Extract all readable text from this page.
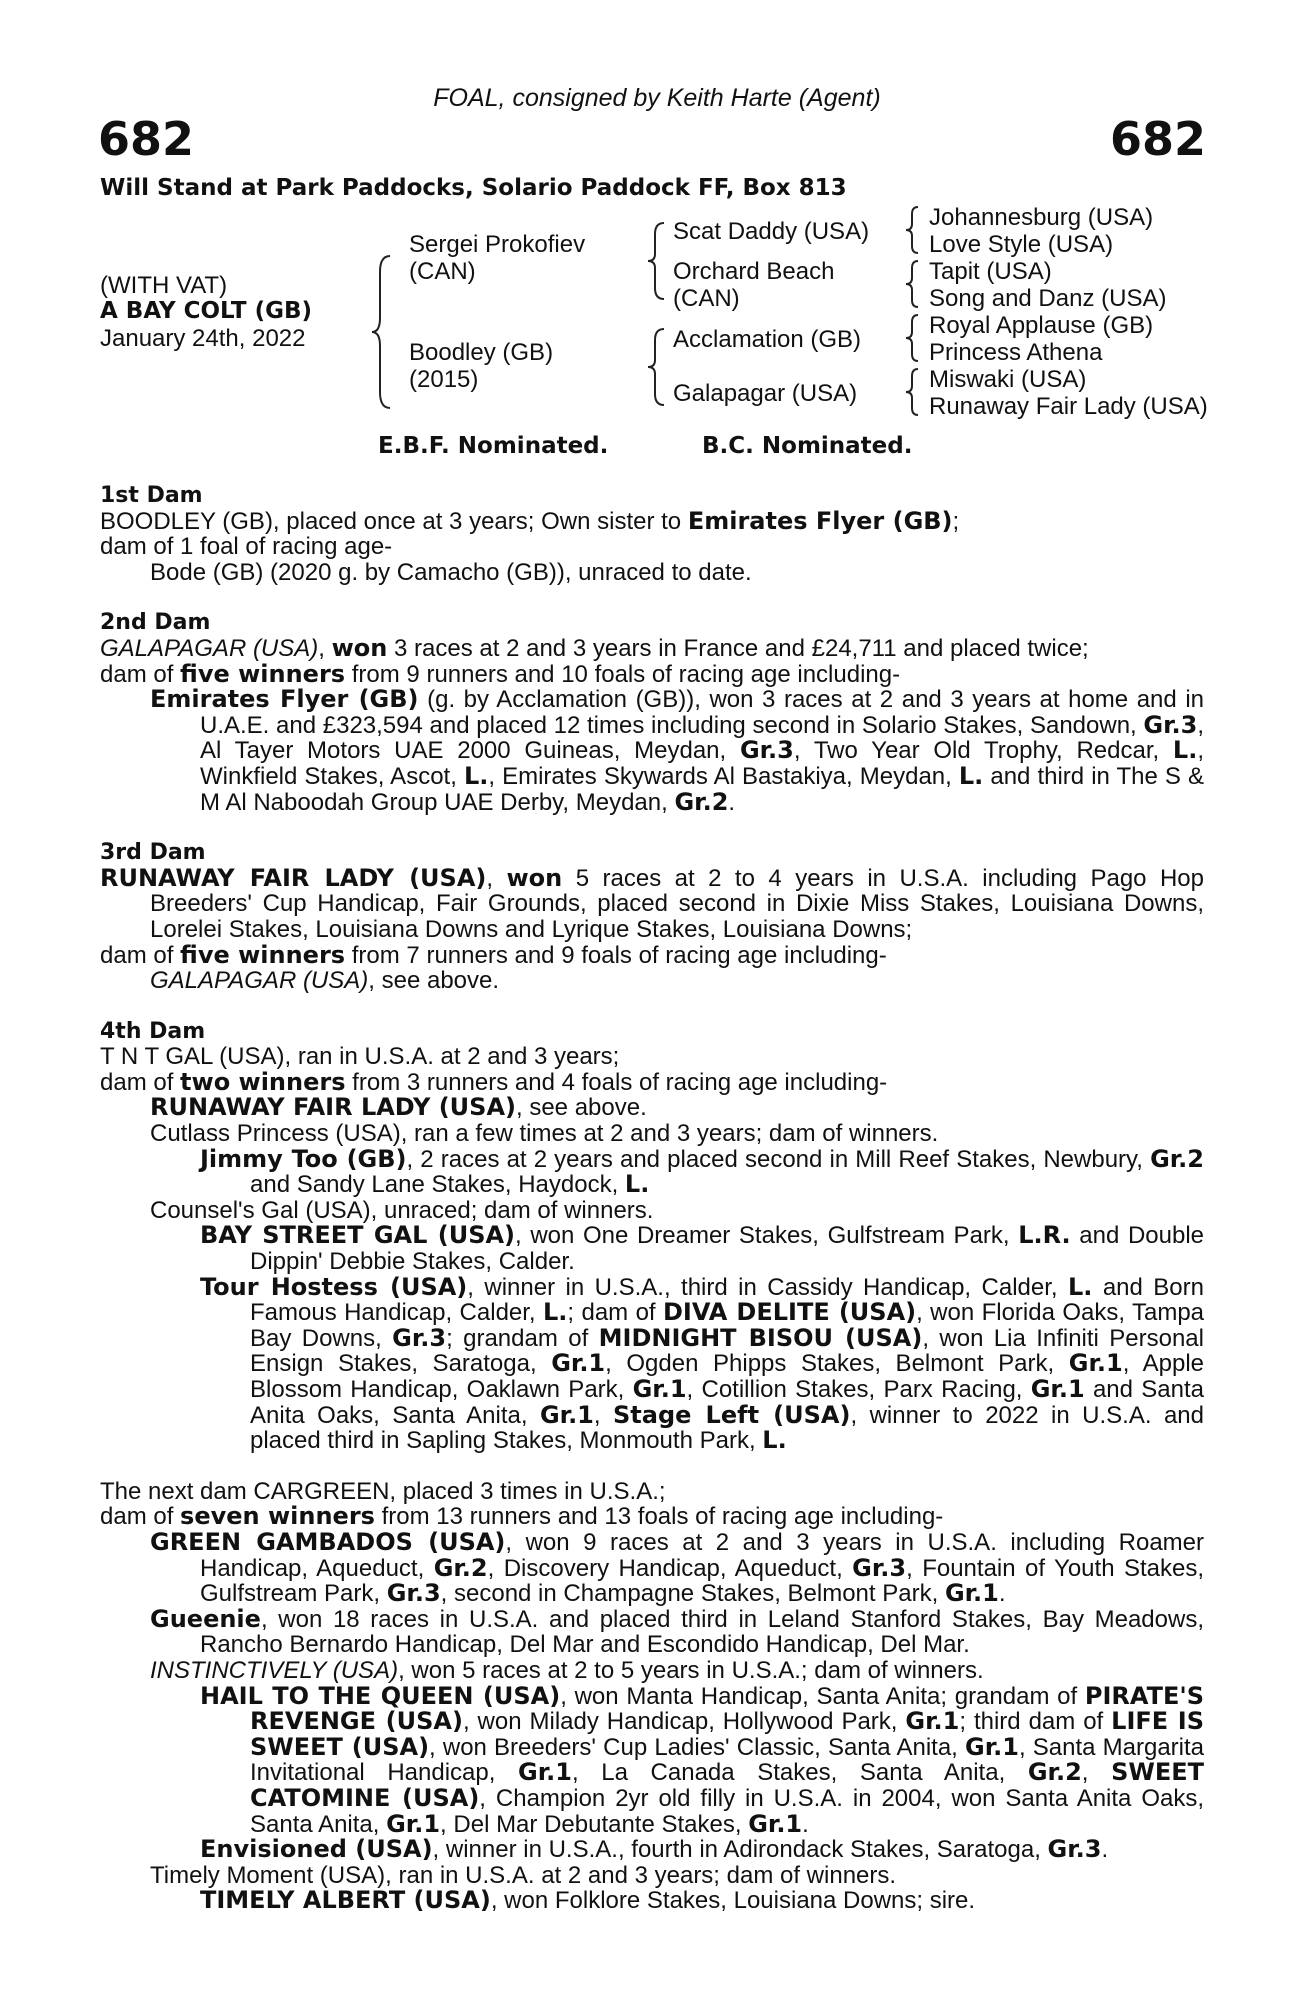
FOAL, consigned by Keith Harte (Agent)
682	682
Will Stand at Park Paddocks, Solario Paddock FF, Box 813
(WITH VAT)
A BAY COLT (GB)
January 24th, 2022
Sergei Prokofiev
(CAN)
Boodley (GB)
(2015)
Scat Daddy (USA)
Orchard Beach
(CAN)
Acclamation (GB)
Galapagar (USA)
Johannesburg (USA)
Love Style (USA)
Tapit (USA)
Song and Danz (USA)
Royal Applause (GB)
Princess Athena
Miswaki (USA)
Runaway Fair Lady (USA)
E.B.F. Nominated.	B.C. Nominated.

1st Dam

BOODLEY (GB), placed once at 3 years; Own sister to Emirates Flyer (GB);

dam of 1 foal of racing age-

Bode (GB) (2020 g. by Camacho (GB)), unraced to date.

2nd Dam

GALAPAGAR (USA), won 3 races at 2 and 3 years in France and £24,711 and placed twice;

dam of five winners from 9 runners and 10 foals of racing age including-

Emirates Flyer (GB) (g. by Acclamation (GB)), won 3 races at 2 and 3 years at home and in U.A.E. and £323,594 and placed 12 times including second in Solario Stakes, Sandown, Gr.3, Al Tayer Motors UAE 2000 Guineas, Meydan, Gr.3, Two Year Old Trophy, Redcar, L., Winkfield Stakes, Ascot, L., Emirates Skywards Al Bastakiya, Meydan, L. and third in The S & M Al Naboodah Group UAE Derby, Meydan, Gr.2.

3rd Dam

RUNAWAY FAIR LADY (USA), won 5 races at 2 to 4 years in U.S.A. including Pago Hop Breeders' Cup Handicap, Fair Grounds, placed second in Dixie Miss Stakes, Louisiana Downs, Lorelei Stakes, Louisiana Downs and Lyrique Stakes, Louisiana Downs;

dam of five winners from 7 runners and 9 foals of racing age including-

GALAPAGAR (USA), see above.

4th Dam

T N T GAL (USA), ran in U.S.A. at 2 and 3 years;

dam of two winners from 3 runners and 4 foals of racing age including-

RUNAWAY FAIR LADY (USA), see above.

Cutlass Princess (USA), ran a few times at 2 and 3 years; dam of winners.

Jimmy Too (GB), 2 races at 2 years and placed second in Mill Reef Stakes, Newbury, Gr.2 and Sandy Lane Stakes, Haydock, L.

Counsel's Gal (USA), unraced; dam of winners.

BAY STREET GAL (USA), won One Dreamer Stakes, Gulfstream Park, L.R. and Double Dippin' Debbie Stakes, Calder.

Tour Hostess (USA), winner in U.S.A., third in Cassidy Handicap, Calder, L. and Born Famous Handicap, Calder, L.; dam of DIVA DELITE (USA), won Florida Oaks, Tampa Bay Downs, Gr.3; grandam of MIDNIGHT BISOU (USA), won Lia Infiniti Personal Ensign Stakes, Saratoga, Gr.1, Ogden Phipps Stakes, Belmont Park, Gr.1, Apple Blossom Handicap, Oaklawn Park, Gr.1, Cotillion Stakes, Parx Racing, Gr.1 and Santa Anita Oaks, Santa Anita, Gr.1, Stage Left (USA), winner to 2022 in U.S.A. and placed third in Sapling Stakes, Monmouth Park, L.

The next dam CARGREEN, placed 3 times in U.S.A.;

dam of seven winners from 13 runners and 13 foals of racing age including-

GREEN GAMBADOS (USA), won 9 races at 2 and 3 years in U.S.A. including Roamer Handicap, Aqueduct, Gr.2, Discovery Handicap, Aqueduct, Gr.3, Fountain of Youth Stakes, Gulfstream Park, Gr.3, second in Champagne Stakes, Belmont Park, Gr.1.

Gueenie, won 18 races in U.S.A. and placed third in Leland Stanford Stakes, Bay Meadows, Rancho Bernardo Handicap, Del Mar and Escondido Handicap, Del Mar.

INSTINCTIVELY (USA), won 5 races at 2 to 5 years in U.S.A.; dam of winners.

HAIL TO THE QUEEN (USA), won Manta Handicap, Santa Anita; grandam of PIRATE'S REVENGE (USA), won Milady Handicap, Hollywood Park, Gr.1; third dam of LIFE IS SWEET (USA), won Breeders' Cup Ladies' Classic, Santa Anita, Gr.1, Santa Margarita Invitational Handicap, Gr.1, La Canada Stakes, Santa Anita, Gr.2, SWEET CATOMINE (USA), Champion 2yr old filly in U.S.A. in 2004, won Santa Anita Oaks, Santa Anita, Gr.1, Del Mar Debutante Stakes, Gr.1.

Envisioned (USA), winner in U.S.A., fourth in Adirondack Stakes, Saratoga, Gr.3.

Timely Moment (USA), ran in U.S.A. at 2 and 3 years; dam of winners.

TIMELY ALBERT (USA), won Folklore Stakes, Louisiana Downs; sire.
